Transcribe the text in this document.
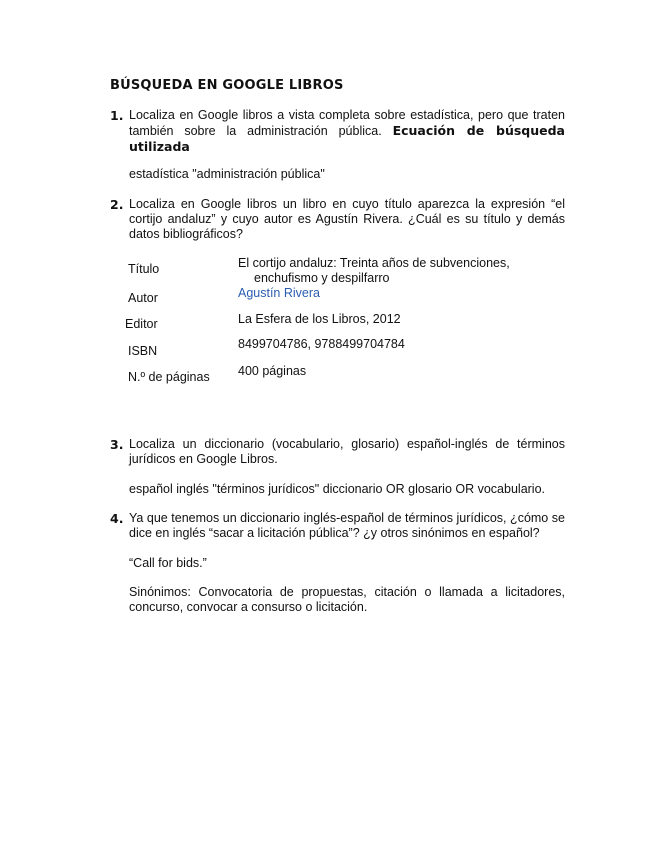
BÚSQUEDA EN GOOGLE LIBROS
1. Localiza en Google libros a vista completa sobre estadística, pero que traten también sobre la administración pública. Ecuación de búsqueda utilizada
estadística "administración pública"
2. Localiza en Google libros un libro en cuyo título aparezca la expresión “el cortijo andaluz” y cuyo autor es Agustín Rivera. ¿Cuál es su título y demás datos bibliográficos?
Título	El cortijo andaluz: Treinta años de subvenciones,
enchufismo y despilfarro
Autor	Agustín Rivera
Editor	La Esfera de los Libros, 2012
ISBN	8499704786, 9788499704784
N.º de páginas 400 páginas
3. Localiza un diccionario (vocabulario, glosario) español-inglés de términos jurídicos en Google Libros.
español inglés "términos jurídicos" diccionario OR glosario OR vocabulario.
4. Ya que tenemos un diccionario inglés-español de términos jurídicos, ¿cómo se dice en inglés “sacar a licitación pública”? ¿y otros sinónimos en español?
“Call for bids.”
Sinónimos: Convocatoria de propuestas, citación o llamada a licitadores, concurso, convocar a consurso o licitación.
